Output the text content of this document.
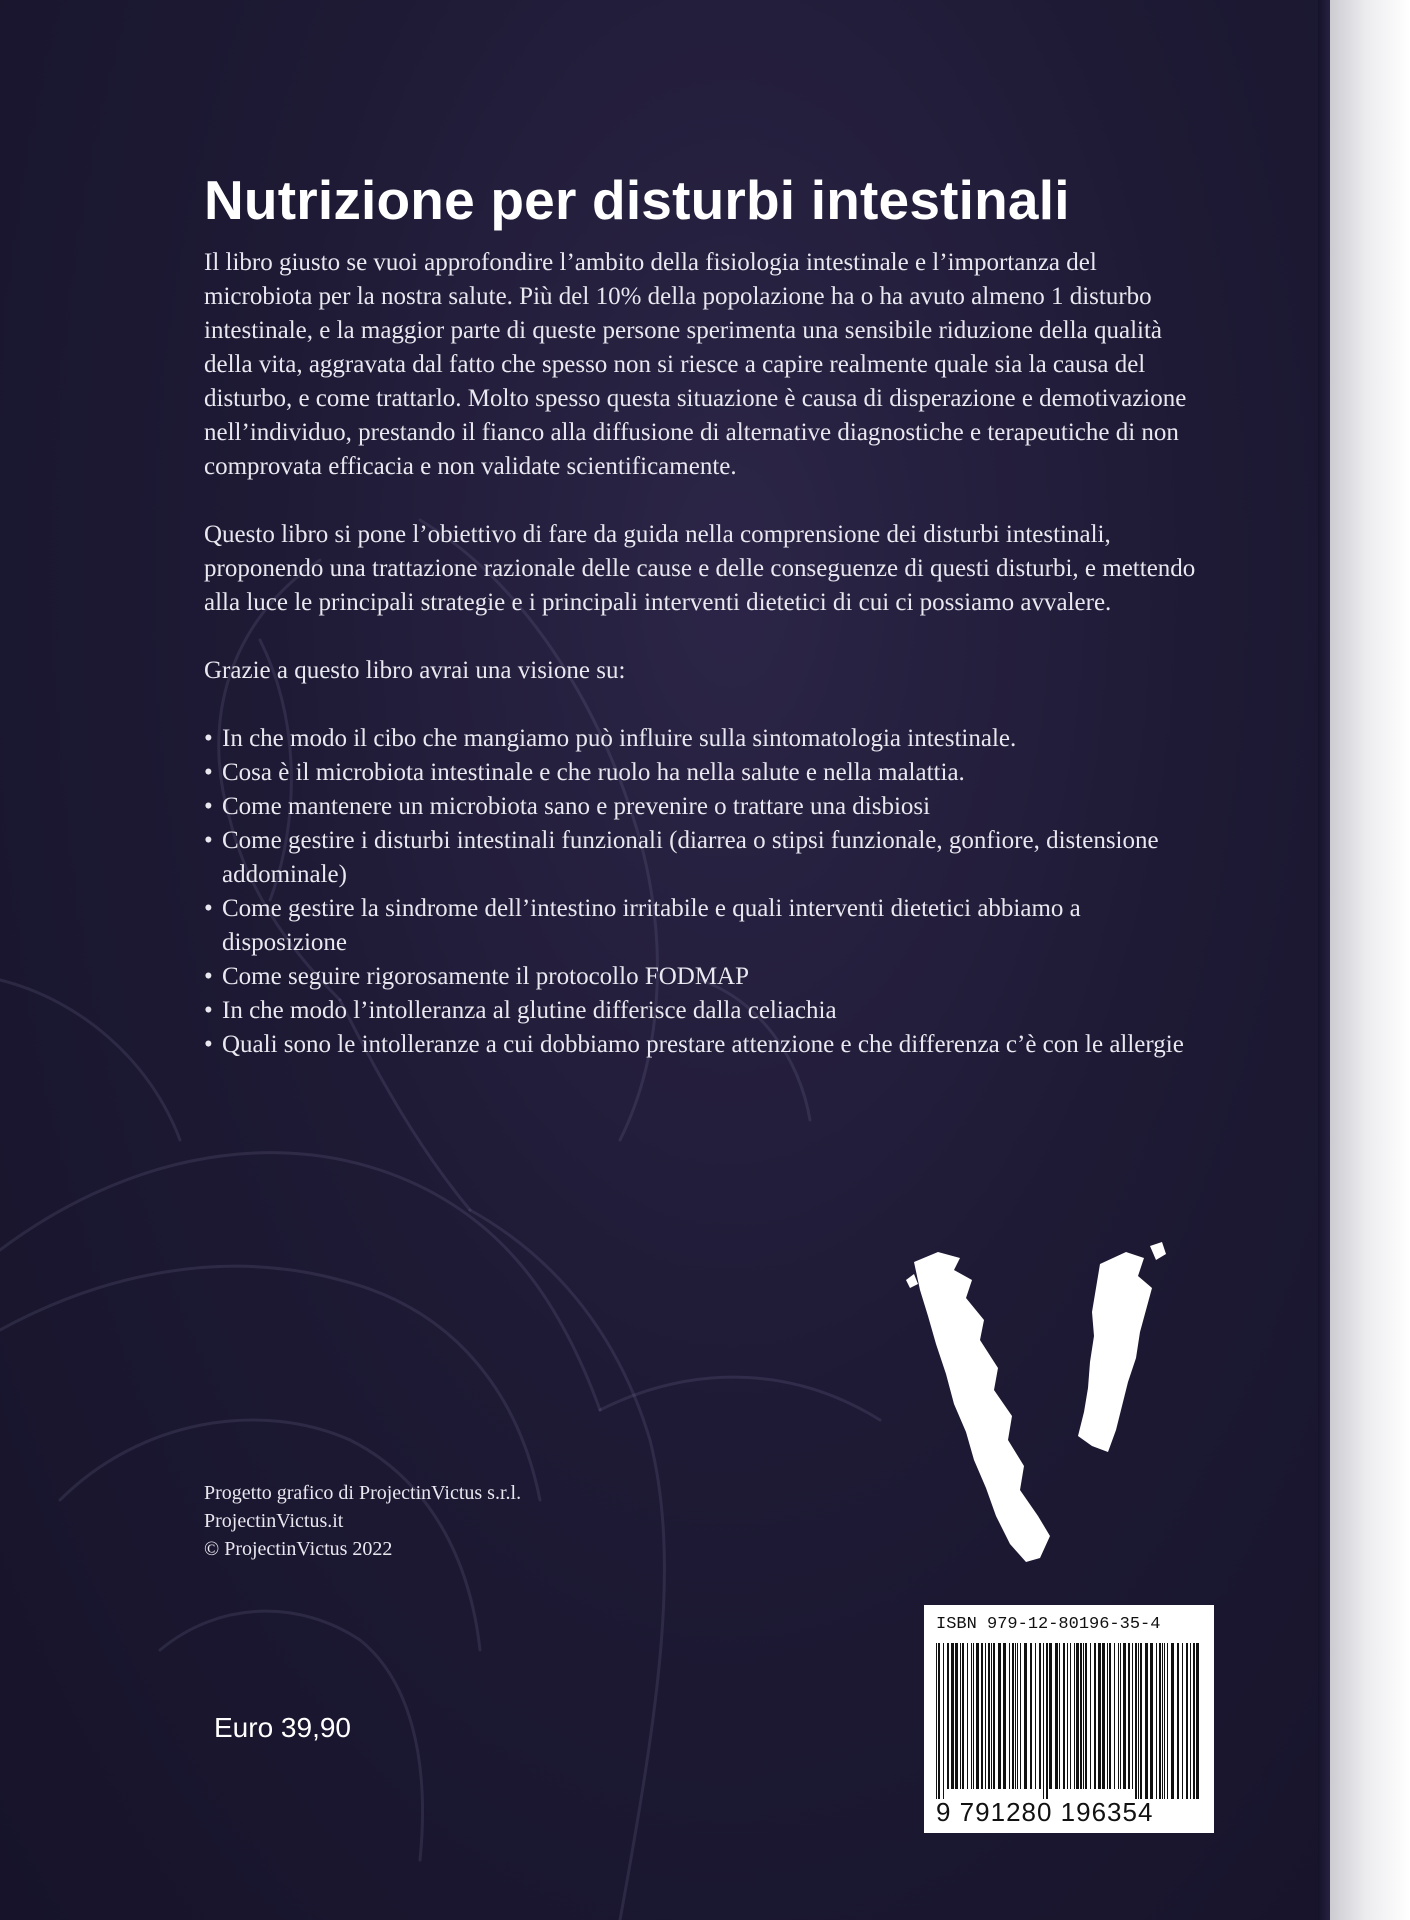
Nutrizione per disturbi intestinali

Il libro giusto se vuoi approfondire l’ambito della fisiologia intestinale e l’importanza del microbiota per la nostra salute. Più del 10% della popolazione ha o ha avuto almeno 1 disturbo intestinale, e la maggior parte di queste persone sperimenta una sensibile riduzione della qualità della vita, aggravata dal fatto che spesso non si riesce a capire realmente quale sia la causa del disturbo, e come trattarlo. Molto spesso questa situazione è causa di disperazione e demotivazione nell’individuo, prestando il fianco alla diffusione di alternative diagnostiche e terapeutiche di non comprovata efficacia e non validate scientificamente.

Questo libro si pone l’obiettivo di fare da guida nella comprensione dei disturbi intestinali, proponendo una trattazione razionale delle cause e delle conseguenze di questi disturbi, e mettendo alla luce le principali strategie e i principali interventi dietetici di cui ci possiamo avvalere.

Grazie a questo libro avrai una visione su:

• In che modo il cibo che mangiamo può influire sulla sintomatologia intestinale.
• Cosa è il microbiota intestinale e che ruolo ha nella salute e nella malattia.
• Come mantenere un microbiota sano e prevenire o trattare una disbiosi
• Come gestire i disturbi intestinali funzionali (diarrea o stipsi funzionale, gonfiore, distensione addominale)
• Come gestire la sindrome dell’intestino irritabile e quali interventi dietetici abbiamo a disposizione
• Come seguire rigorosamente il protocollo FODMAP
• In che modo l’intolleranza al glutine differisce dalla celiachia
• Quali sono le intolleranze a cui dobbiamo prestare attenzione e che differenza c’è con le allergie
Progetto grafico di ProjectinVictus s.r.l.
ProjectinVictus.it
© ProjectinVictus 2022
Euro 39,90
ISBN 979-12-80196-35-4
9 791280 196354
